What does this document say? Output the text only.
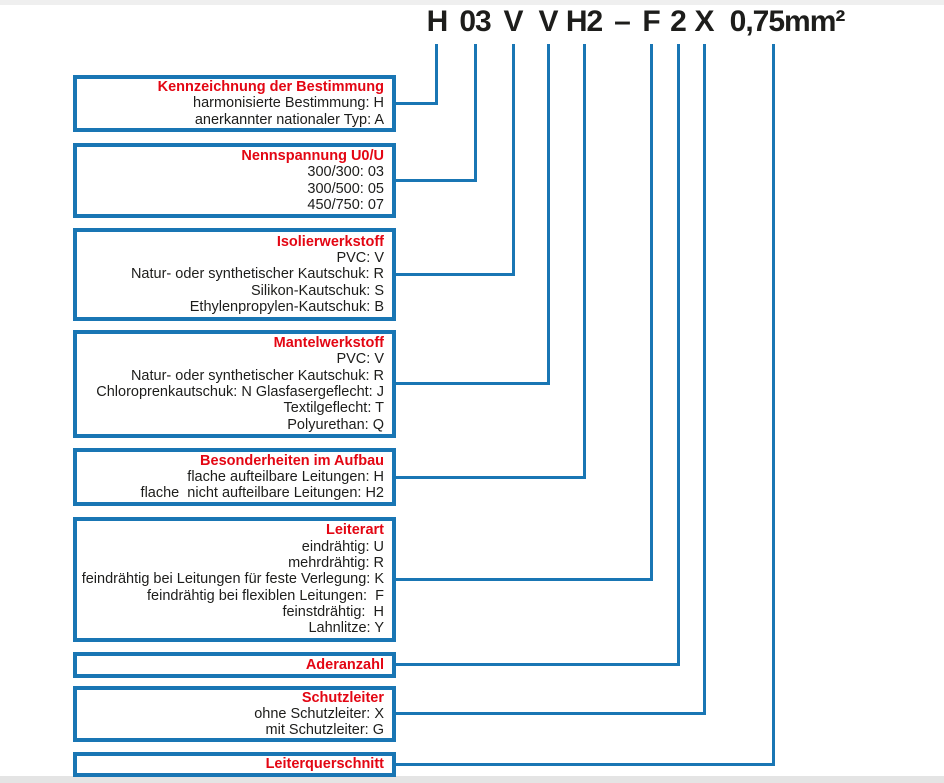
H 03 V V H2 – F 2 X 0,75mm²
Kennzeichnung der Bestimmung
harmonisierte Bestimmung: H
anerkannter nationaler Typ: A
Nennspannung U0/U
300/300: 03
300/500: 05
450/750: 07
Isolierwerkstoff
PVC: V
Natur- oder synthetischer Kautschuk: R
Silikon-Kautschuk: S
Ethylenpropylen-Kautschuk: B
Mantelwerkstoff
PVC: V
Natur- oder synthetischer Kautschuk: R
Chloroprenkautschuk: N Glasfasergeflecht: J
Textilgeflecht: T
Polyurethan: Q
Besonderheiten im Aufbau
flache aufteilbare Leitungen: H
flache  nicht aufteilbare Leitungen: H2
Leiterart
eindrähtig: U
mehrdrähtig: R
feindrähtig bei Leitungen für feste Verlegung: K
feindrähtig bei flexiblen Leitungen:  F
feinstdrähtig:  H
Lahnlitze: Y
Aderanzahl
Schutzleiter
ohne Schutzleiter: X
mit Schutzleiter: G
Leiterquerschnitt
